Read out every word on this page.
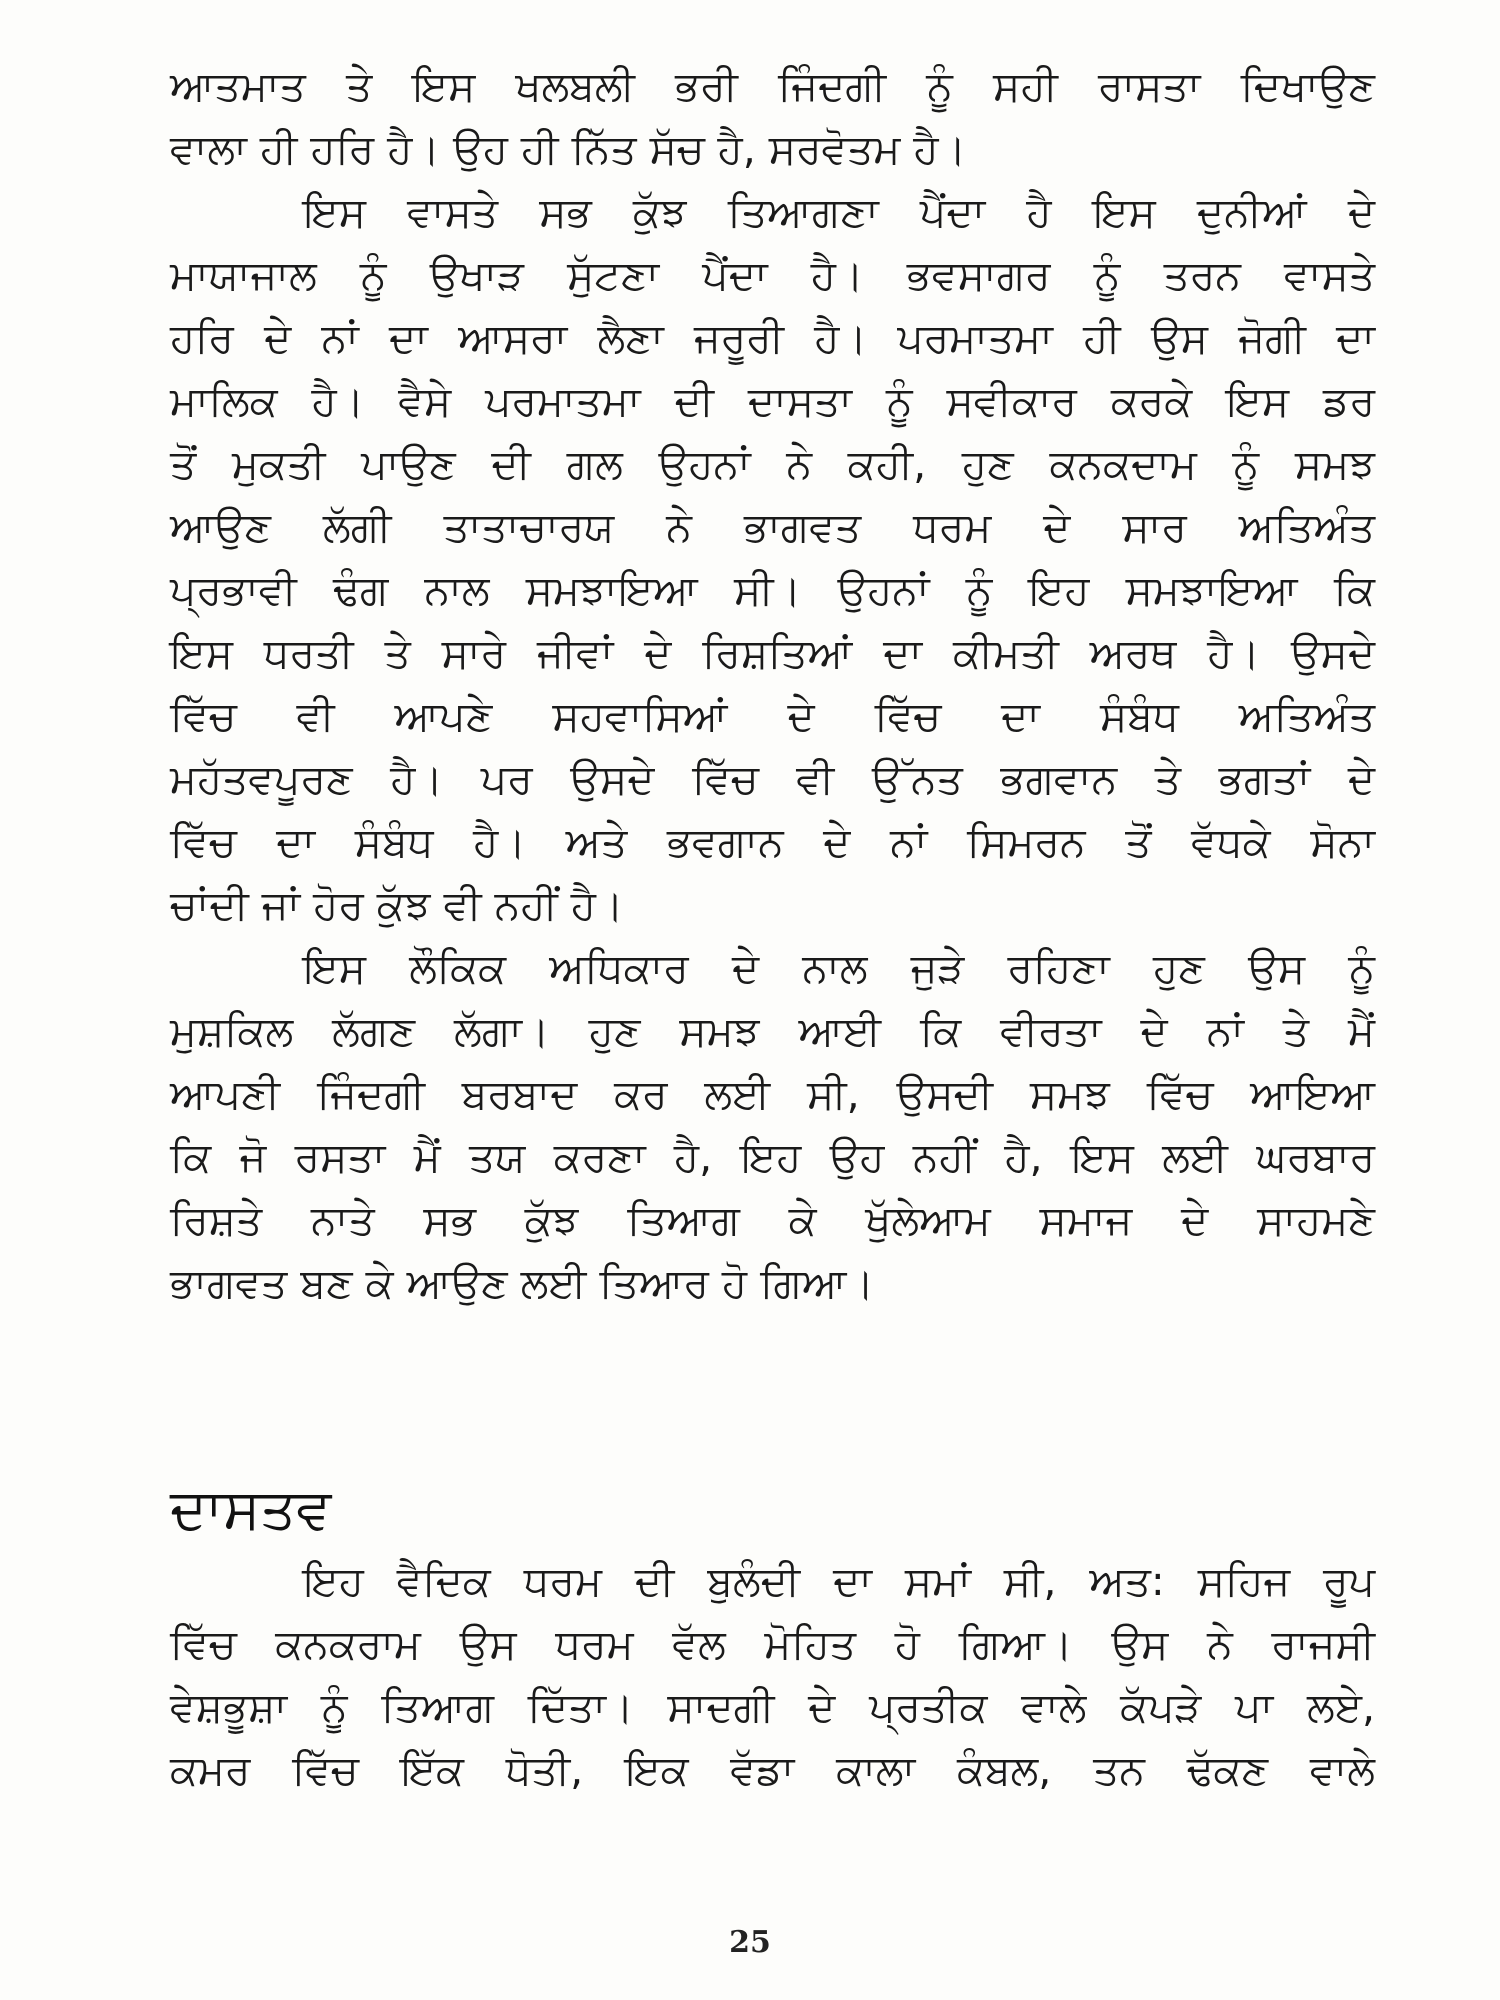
ਆਤਮਾਤ ਤੇ ਇਸ ਖਲਬਲੀ ਭਰੀ ਜਿੰਦਗੀ ਨੂੰ ਸਹੀ ਰਾਸਤਾ ਦਿਖਾਉਣ
ਵਾਲਾ ਹੀ ਹਰਿ ਹੈ। ਉਹ ਹੀ ਨਿੱਤ ਸੱਚ ਹੈ, ਸਰਵੋਤਮ ਹੈ।
ਇਸ ਵਾਸਤੇ ਸਭ ਕੁੱਝ ਤਿਆਗਣਾ ਪੈਂਦਾ ਹੈ ਇਸ ਦੁਨੀਆਂ ਦੇ
ਮਾਯਾਜਾਲ ਨੂੰ ਉਖਾੜ ਸੁੱਟਣਾ ਪੈਂਦਾ ਹੈ। ਭਵਸਾਗਰ ਨੂੰ ਤਰਨ ਵਾਸਤੇ
ਹਰਿ ਦੇ ਨਾਂ ਦਾ ਆਸਰਾ ਲੈਣਾ ਜਰੂਰੀ ਹੈ। ਪਰਮਾਤਮਾ ਹੀ ਉਸ ਜੋਗੀ ਦਾ
ਮਾਲਿਕ ਹੈ। ਵੈਸੇ ਪਰਮਾਤਮਾ ਦੀ ਦਾਸਤਾ ਨੂੰ ਸਵੀਕਾਰ ਕਰਕੇ ਇਸ ਡਰ
ਤੋਂ ਮੁਕਤੀ ਪਾਉਣ ਦੀ ਗਲ ਉਹਨਾਂ ਨੇ ਕਹੀ, ਹੁਣ ਕਨਕਦਾਮ ਨੂੰ ਸਮਝ
ਆਉਣ ਲੱਗੀ ਤਾਤਾਚਾਰਯ ਨੇ ਭਾਗਵਤ ਧਰਮ ਦੇ ਸਾਰ ਅਤਿਅੰਤ
ਪ੍ਰਭਾਵੀ ਢੰਗ ਨਾਲ ਸਮਝਾਇਆ ਸੀ। ਉਹਨਾਂ ਨੂੰ ਇਹ ਸਮਝਾਇਆ ਕਿ
ਇਸ ਧਰਤੀ ਤੇ ਸਾਰੇ ਜੀਵਾਂ ਦੇ ਰਿਸ਼ਤਿਆਂ ਦਾ ਕੀਮਤੀ ਅਰਥ ਹੈ। ਉਸਦੇ
ਵਿੱਚ ਵੀ ਆਪਣੇ ਸਹਵਾਸਿਆਂ ਦੇ ਵਿੱਚ ਦਾ ਸੰਬੰਧ ਅਤਿਅੰਤ
ਮਹੱਤਵਪੂਰਣ ਹੈ। ਪਰ ਉਸਦੇ ਵਿੱਚ ਵੀ ਉੱਨਤ ਭਗਵਾਨ ਤੇ ਭਗਤਾਂ ਦੇ
ਵਿੱਚ ਦਾ ਸੰਬੰਧ ਹੈ। ਅਤੇ ਭਵਗਾਨ ਦੇ ਨਾਂ ਸਿਮਰਨ ਤੋਂ ਵੱਧਕੇ ਸੋਨਾ
ਚਾਂਦੀ ਜਾਂ ਹੋਰ ਕੁੱਝ ਵੀ ਨਹੀਂ ਹੈ।
ਇਸ ਲੌਕਿਕ ਅਧਿਕਾਰ ਦੇ ਨਾਲ ਜੁੜੇ ਰਹਿਣਾ ਹੁਣ ਉਸ ਨੂੰ
ਮੁਸ਼ਕਿਲ ਲੱਗਣ ਲੱਗਾ। ਹੁਣ ਸਮਝ ਆਈ ਕਿ ਵੀਰਤਾ ਦੇ ਨਾਂ ਤੇ ਮੈਂ
ਆਪਣੀ ਜਿੰਦਗੀ ਬਰਬਾਦ ਕਰ ਲਈ ਸੀ, ਉਸਦੀ ਸਮਝ ਵਿੱਚ ਆਇਆ
ਕਿ ਜੋ ਰਸਤਾ ਮੈਂ ਤਯ ਕਰਣਾ ਹੈ, ਇਹ ਉਹ ਨਹੀਂ ਹੈ, ਇਸ ਲਈ ਘਰਬਾਰ
ਰਿਸ਼ਤੇ ਨਾਤੇ ਸਭ ਕੁੱਝ ਤਿਆਗ ਕੇ ਖੁੱਲੇਆਮ ਸਮਾਜ ਦੇ ਸਾਹਮਣੇ
ਭਾਗਵਤ ਬਣ ਕੇ ਆਉਣ ਲਈ ਤਿਆਰ ਹੋ ਗਿਆ।
ਦਾਸਤਵ
ਇਹ ਵੈਦਿਕ ਧਰਮ ਦੀ ਬੁਲੰਦੀ ਦਾ ਸਮਾਂ ਸੀ, ਅਤ: ਸਹਿਜ ਰੂਪ
ਵਿੱਚ ਕਨਕਰਾਮ ਉਸ ਧਰਮ ਵੱਲ ਮੋਹਿਤ ਹੋ ਗਿਆ। ਉਸ ਨੇ ਰਾਜਸੀ
ਵੇਸ਼ਭੂਸ਼ਾ ਨੂੰ ਤਿਆਗ ਦਿੱਤਾ। ਸਾਦਗੀ ਦੇ ਪ੍ਰਤੀਕ ਵਾਲੇ ਕੱਪੜੇ ਪਾ ਲਏ,
ਕਮਰ ਵਿੱਚ ਇੱਕ ਧੋਤੀ, ਇਕ ਵੱਡਾ ਕਾਲਾ ਕੰਬਲ, ਤਨ ਢੱਕਣ ਵਾਲੇ
25
